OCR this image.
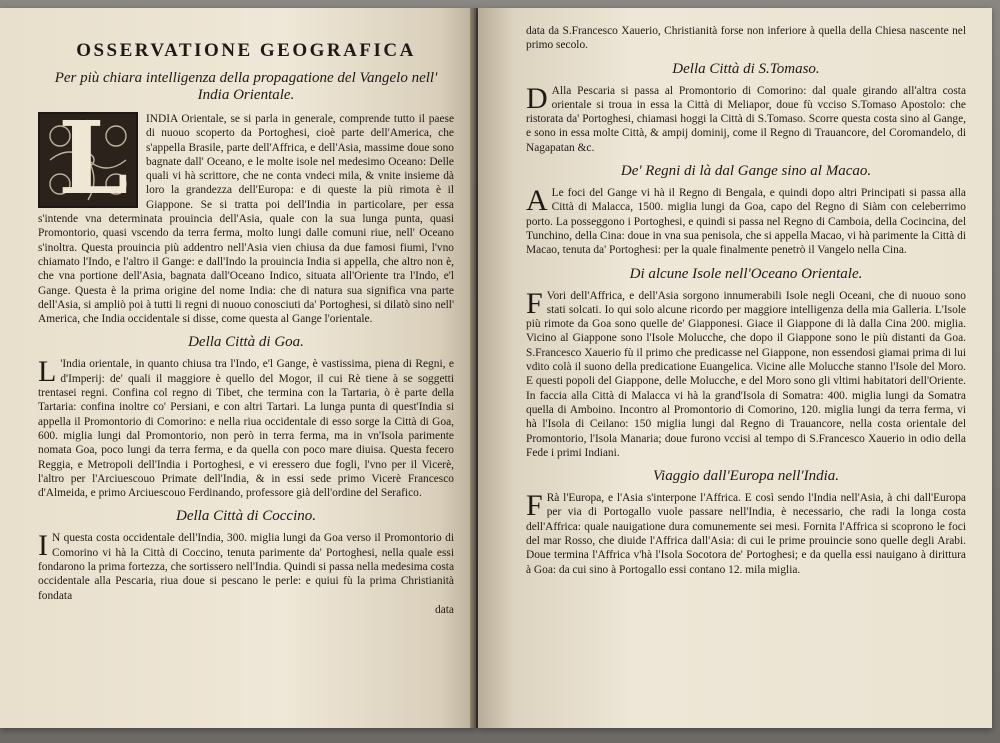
OSSERVATIONE GEOGRAFICA
Per più chiara intelligenza della propagatione del Vangelo nell' India Orientale.

L INDIA Orientale, se si parla in generale, comprende tutto il paese di nuouo scoperto da Portoghesi, cioè parte dell'America, che s'appella Brasile, parte dell'Affrica, e dell'Asia, massime doue sono bagnate dall' Oceano, e le molte isole nel medesimo Oceano: Delle quali vi hà scrittore, che ne conta vndeci mila, & vnite insieme dà loro la grandezza dell'Europa: e di queste la più rimota è il Giappone. Se si tratta poi dell'India in particolare, per essa s'intende vna determinata prouincia dell'Asia, quale con la sua lunga punta, quasi Promontorio, quasi vscendo da terra ferma, molto lungi dalle comuni riue, nell' Oceano s'inoltra. Questa prouincia più addentro nell'Asia vien chiusa da due famosi fiumi, l'vno chiamato l'Indo, e l'altro il Gange: e dall'Indo la prouincia India si appella, che altro non è, che vna portione dell'Asia, bagnata dall'Oceano Indico, situata all'Oriente tra l'Indo, e'l Gange. Questa è la prima origine del nome India: che di natura sua significa vna parte dell'Asia, si ampliò poi à tutti li regni di nuouo conosciuti da' Portoghesi, si dilatò sino nell' America, che India occidentale si disse, come questa al Gange l'orientale.

Della Città di Goa.

L 'India orientale, in quanto chiusa tra l'Indo, e'l Gange, è vastissima, piena di Regni, e d'Imperij: de' quali il maggiore è quello del Mogor, il cui Rè tiene à se soggetti trentasei regni. Confina col regno di Tibet, che termina con la Tartaria, ò è parte della Tartaria: confina inoltre co' Persiani, e con altri Tartari. La lunga punta di quest'India si appella il Promontorio di Comorino: e nella riua occidentale di esso sorge la Città di Goa, 600. miglia lungi dal Promontorio, non però in terra ferma, ma in vn'Isola parimente nomata Goa, poco lungi da terra ferma, e da quella con poco mare diuisa. Questa fecero Reggia, e Metropoli dell'India i Portoghesi, e vi eressero due fogli, l'vno per il Vicerè, l'altro per l'Arciuescouo Primate dell'India, & in essi sede primo Vicerè Francesco d'Almeida, e primo Arciuescouo Ferdinando, professore già dell'ordine del Serafico.

Della Città di Coccino.

I N questa costa occidentale dell'India, 300. miglia lungi da Goa verso il Promontorio di Comorino vi hà la Città di Coccino, tenuta parimente da' Portoghesi, nella quale essi fondarono la prima fortezza, che sortissero nell'India. Quindi si passa nella medesima costa occidentale alla Pescaria, riua doue si pescano le perle: e quiui fù la prima Christianità fondata

data

data da S.Francesco Xauerio, Christianità forse non inferiore à quella della Chiesa nascente nel primo secolo.

Della Città di S.Tomaso.

D Alla Pescaria si passa al Promontorio di Comorino: dal quale girando all'altra costa orientale si troua in essa la Città di Meliapor, doue fù vcciso S.Tomaso Apostolo: che ristorata da' Portoghesi, chiamasi hoggi la Città di S.Tomaso. Scorre questa costa sino al Gange, e sono in essa molte Città, & ampij dominij, come il Regno di Trauancore, del Coromandelo, di Nagapatan &c.

De' Regni di là dal Gange sino al Macao.

A Le foci del Gange vi hà il Regno di Bengala, e quindi dopo altri Principati si passa alla Città di Malacca, 1500. miglia lungi da Goa, capo del Regno di Siàm con celeberrimo porto. La posseggono i Portoghesi, e quindi si passa nel Regno di Camboia, della Cocincina, del Tunchino, della Cina: doue in vna sua penisola, che si appella Macao, vi hà parimente la Città di Macao, tenuta da' Portoghesi: per la quale finalmente penetrò il Vangelo nella Cina.

Di alcune Isole nell'Oceano Orientale.

F Vori dell'Affrica, e dell'Asia sorgono innumerabili Isole negli Oceani, che di nuouo sono stati solcati. Io qui solo alcune ricordo per maggiore intelligenza della mia Galleria. L'Isole più rimote da Goa sono quelle de' Giapponesi. Giace il Giappone di là dalla Cina 200. miglia. Vicino al Giappone sono l'Isole Molucche, che dopo il Giappone sono le più distanti da Goa. S.Francesco Xauerio fù il primo che predicasse nel Giappone, non essendosi giamai prima di lui vdito colà il suono della predicatione Euangelica. Vicine alle Molucche stanno l'Isole del Moro. E questi popoli del Giappone, delle Molucche, e del Moro sono gli vltimi habitatori dell'Oriente. In faccia alla Città di Malacca vi hà la grand'Isola di Somatra: 400. miglia lungi da Somatra quella di Amboino. Incontro al Promontorio di Comorino, 120. miglia lungi da terra ferma, vi hà l'Isola di Ceilano: 150 miglia lungi dal Regno di Trauancore, nella costa orientale del Promontorio, l'Isola Manaria; doue furono vccisi al tempo di S.Francesco Xauerio in odio della Fede i primi Indiani.

Viaggio dall'Europa nell'India.

F Rà l'Europa, e l'Asia s'interpone l'Affrica. E così sendo l'India nell'Asia, à chi dall'Europa per via di Portogallo vuole passare nell'India, è necessario, che radi la longa costa dell'Affrica: quale nauigatione dura comunemente sei mesi. Fornita l'Affrica si scoprono le foci del mar Rosso, che diuide l'Affrica dall'Asia: di cui le prime prouincie sono quelle degli Arabi. Doue termina l'Affrica v'hà l'Isola Socotora de' Portoghesi; e da quella essi nauigano à dirittura à Goa: da cui sino à Portogallo essi contano 12. mila miglia.
